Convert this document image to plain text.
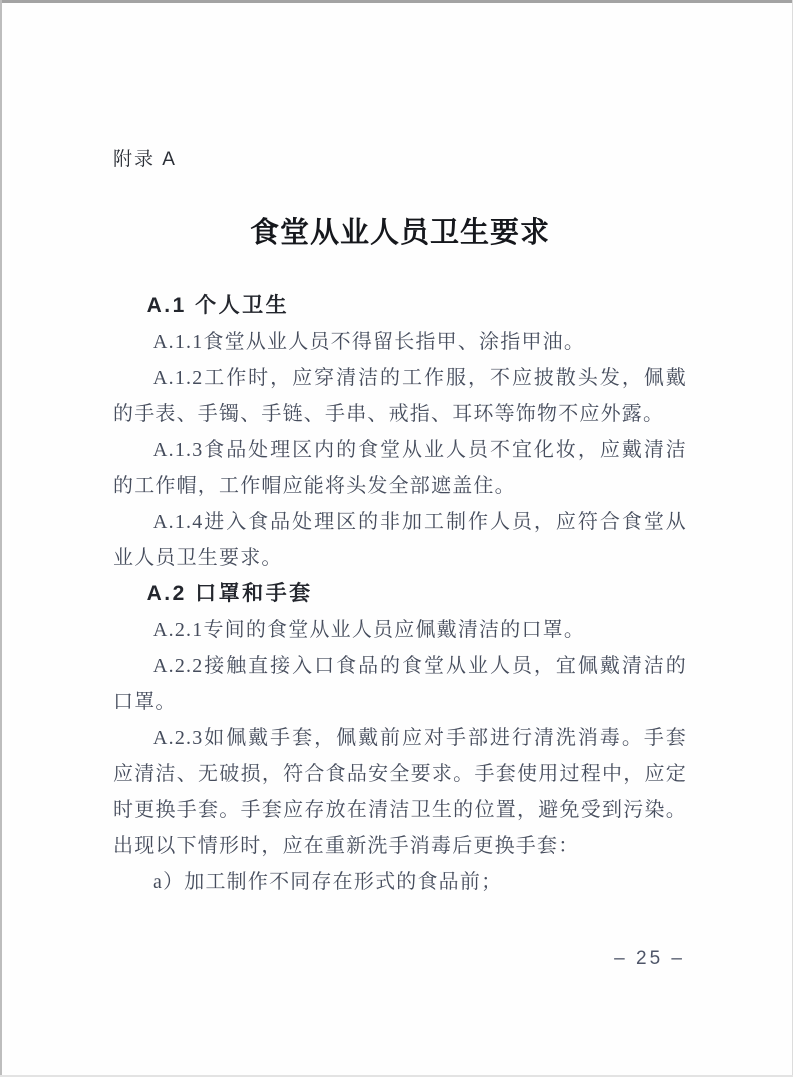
附录 A
食堂从业人员卫生要求
A.1 个人卫生

A.1.1食堂从业人员不得留长指甲、涂指甲油。

A.1.2工作时，应穿清洁的工作服，不应披散头发，佩戴的手表、手镯、手链、手串、戒指、耳环等饰物不应外露。

A.1.3食品处理区内的食堂从业人员不宜化妆，应戴清洁的工作帽，工作帽应能将头发全部遮盖住。

A.1.4进入食品处理区的非加工制作人员，应符合食堂从业人员卫生要求。

A.2 口罩和手套

A.2.1专间的食堂从业人员应佩戴清洁的口罩。

A.2.2接触直接入口食品的食堂从业人员，宜佩戴清洁的口罩。

A.2.3如佩戴手套，佩戴前应对手部进行清洗消毒。手套应清洁、无破损，符合食品安全要求。手套使用过程中，应定时更换手套。手套应存放在清洁卫生的位置，避免受到污染。出现以下情形时，应在重新洗手消毒后更换手套：

a）加工制作不同存在形式的食品前；

– 25 –
